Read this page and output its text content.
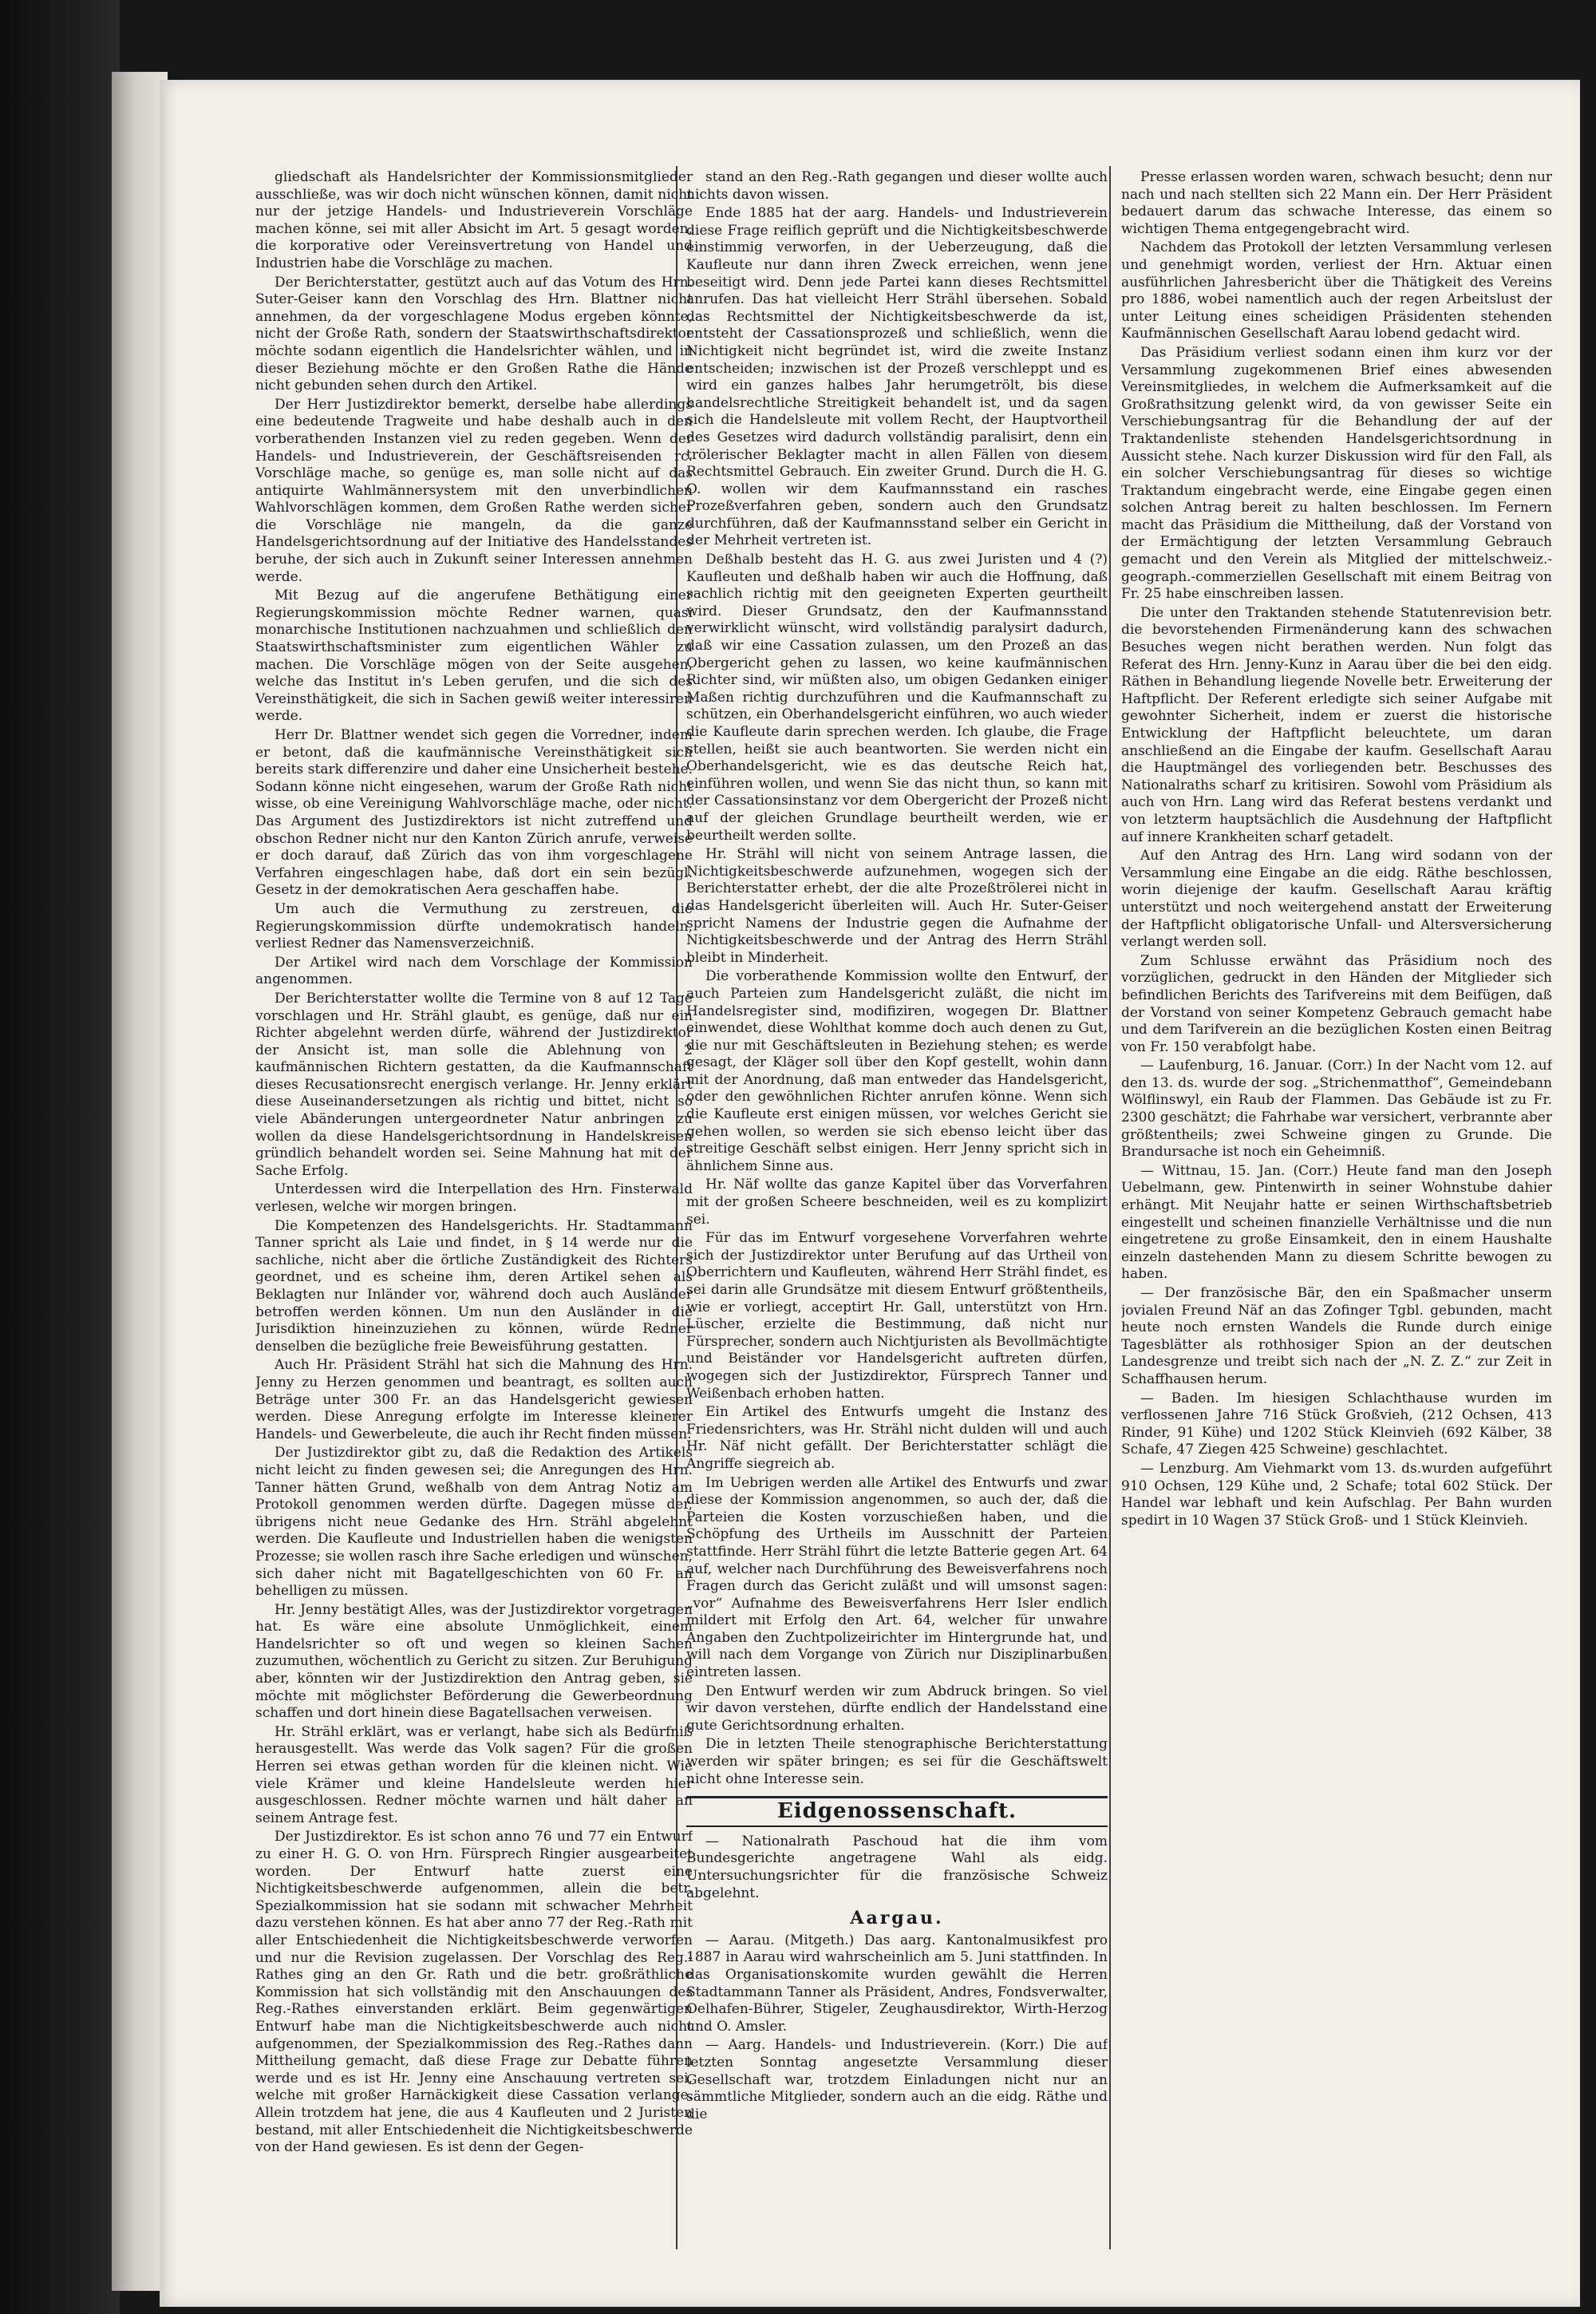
gliedschaft als Handelsrichter der Kommissionsmitglieder ausschließe, was wir doch nicht wünschen können, damit nicht nur der jetzige Handels- und Industrieverein Vorschläge machen könne, sei mit aller Absicht im Art. 5 gesagt worden, die korporative oder Vereinsvertretung von Handel und Industrien habe die Vorschläge zu machen.

Der Berichterstatter, gestützt auch auf das Votum des Hrn. Suter-Geiser kann den Vorschlag des Hrn. Blattner nicht annehmen, da der vorgeschlagene Modus ergeben könnte, nicht der Große Rath, sondern der Staatswirthschaftsdirektor möchte sodann eigentlich die Handelsrichter wählen, und in dieser Beziehung möchte er den Großen Rathe die Hände nicht gebunden sehen durch den Artikel.

Der Herr Justizdirektor bemerkt, derselbe habe allerdings eine bedeutende Tragweite und habe deshalb auch in den vorberathenden Instanzen viel zu reden gegeben. Wenn der Handels- und Industrieverein, der Geschäftsreisenden rc. Vorschläge mache, so genüge es, man solle nicht auf das antiquirte Wahlmännersystem mit den unverbindlichen Wahlvorschlägen kommen, dem Großen Rathe werden sicher die Vorschläge nie mangeln, da die ganze Handelsgerichtsordnung auf der Initiative des Handelsstandes beruhe, der sich auch in Zukunft seiner Interessen annehmen werde.

Mit Bezug auf die angerufene Bethätigung einer Regierungskommission möchte Redner warnen, quasi monarchische Institutionen nachzuahmen und schließlich den Staatswirthschaftsminister zum eigentlichen Wähler zu machen. Die Vorschläge mögen von der Seite ausgehen, welche das Institut in's Leben gerufen, und die sich des Vereinsthätigkeit, die sich in Sachen gewiß weiter interessiren werde.

Herr Dr. Blattner wendet sich gegen die Vorredner, indem er betont, daß die kaufmännische Vereinsthätigkeit sich bereits stark differenzire und daher eine Unsicherheit bestehe. Sodann könne nicht eingesehen, warum der Große Rath nicht wisse, ob eine Vereinigung Wahlvorschläge mache, oder nicht. Das Argument des Justizdirektors ist nicht zutreffend und obschon Redner nicht nur den Kanton Zürich anrufe, verweise er doch darauf, daß Zürich das von ihm vorgeschlagene Verfahren eingeschlagen habe, daß dort ein sein bezügl. Gesetz in der demokratischen Aera geschaffen habe.

Um auch die Vermuthung zu zerstreuen, die Regierungskommission dürfte undemokratisch handeln, verliest Redner das Namensverzeichniß.

Der Artikel wird nach dem Vorschlage der Kommission angenommen.

Der Berichterstatter wollte die Termine von 8 auf 12 Tage vorschlagen und Hr. Strähl glaubt, es genüge, daß nur ein Richter abgelehnt werden dürfe, während der Justizdirektor der Ansicht ist, man solle die Ablehnung von 2 kaufmännischen Richtern gestatten, da die Kaufmannschaft dieses Recusationsrecht energisch verlange. Hr. Jenny erklärt diese Auseinandersetzungen als richtig und bittet, nicht so viele Abänderungen untergeordneter Natur anbringen zu wollen da diese Handelsgerichtsordnung in Handelskreisen gründlich behandelt worden sei. Seine Mahnung hat mit der Sache Erfolg.

Unterdessen wird die Interpellation des Hrn. Finsterwald verlesen, welche wir morgen bringen.

Die Kompetenzen des Handelsgerichts. Hr. Stadtammann Tanner spricht als Laie und findet, in § 14 werde nur die sachliche, nicht aber die örtliche Zuständigkeit des Richters geordnet, und es scheine ihm, deren Artikel sehen als Beklagten nur Inländer vor, während doch auch Ausländer betroffen werden können. Um nun den Ausländer in die Jurisdiktion hineinzuziehen zu können, würde Redner denselben die bezügliche freie Beweisführung gestatten.

Auch Hr. Präsident Strähl hat sich die Mahnung des Hrn. Jenny zu Herzen genommen und beantragt, es sollten auch Beträge unter 300 Fr. an das Handelsgericht gewiesen werden. Diese Anregung erfolgte im Interesse kleinerer Handels- und Gewerbeleute, die auch ihr Recht finden müssen.

Der Justizdirektor gibt zu, daß die Redaktion des Artikels nicht leicht zu finden gewesen sei; die Anregungen des Hrn. Tanner hätten Grund, weßhalb von dem Antrag Notiz am Protokoll genommen werden dürfte. Dagegen müsse der, übrigens nicht neue Gedanke des Hrn. Strähl abgelehnt werden. Die Kaufleute und Industriellen haben die wenigsten Prozesse; sie wollen rasch ihre Sache erledigen und wünschen, sich daher nicht mit Bagatellgeschichten von 60 Fr. an behelligen zu müssen.

Hr. Jenny bestätigt Alles, was der Justizdirektor vorgetragen hat. Es wäre eine absolute Unmöglichkeit, einem Handelsrichter so oft und wegen so kleinen Sachen zuzumuthen, wöchentlich zu Gericht zu sitzen. Zur Beruhigung aber, könnten wir der Justizdirektion den Antrag geben, sie möchte mit möglichster Beförderung die Gewerbeordnung schaffen und dort hinein diese Bagatellsachen verweisen.

Hr. Strähl erklärt, was er verlangt, habe sich als Bedürfniß herausgestellt. Was werde das Volk sagen? Für die großen Herren sei etwas gethan worden für die kleinen nicht. Wie viele Krämer und kleine Handelsleute werden hier ausgeschlossen. Redner möchte warnen und hält daher an seinem Antrage fest.

Der Justizdirektor. Es ist schon anno 76 und 77 ein Entwurf zu einer H. G. O. von Hrn. Fürsprech Ringier ausgearbeitet worden. Der Entwurf hatte zuerst eine Nichtigkeitsbeschwerde aufgenommen, allein die betr. Spezialkommission hat sie sodann mit schwacher Mehrheit dazu verstehen können. Es hat aber anno 77 der Reg.-Rath mit aller Entschiedenheit die Nichtigkeitsbeschwerde verworfen und nur die Revision zugelassen. Der Vorschlag des Reg.-Rathes ging an den Gr. Rath und die betr. großräthliche Kommission hat sich vollständig mit den Anschauungen des Reg.-Rathes einverstanden erklärt. Beim gegenwärtigen Entwurf habe man die Nichtigkeitsbeschwerde auch nicht aufgenommen, der Spezialkommission des Reg.-Rathes dann Mittheilung gemacht, daß diese Frage zur Debatte führen werde und es ist Hr. Jenny eine Anschauung vertreten sei, welche mit großer Harnäckigkeit diese Cassation verlange. Allein trotzdem hat jene, die aus 4 Kaufleuten und 2 Juristen bestand, mit aller Entschiedenheit die Nichtigkeitsbeschwerde von der Hand gewiesen. Es ist denn der Gegen-

stand an den Reg.-Rath gegangen und dieser wollte auch nichts davon wissen.

Ende 1885 hat der aarg. Handels- und Industrieverein diese Frage reiflich geprüft und die Nichtigkeitsbeschwerde einstimmig verworfen, in der Ueberzeugung, daß die Kaufleute nur dann ihren Zweck erreichen, wenn jene beseitigt wird. Denn jede Partei kann dieses Rechtsmittel anrufen. Das hat vielleicht Herr Strähl übersehen. Sobald das Rechtsmittel der Nichtigkeitsbeschwerde da ist, entsteht der Cassationsprozeß und schließlich, wenn die Nichtigkeit nicht begründet ist, wird die zweite Instanz entscheiden; inzwischen ist der Prozeß verschleppt und es wird ein ganzes halbes Jahr herumgetrölt, bis diese handelsrechtliche Streitigkeit behandelt ist, und da sagen sich die Handelsleute mit vollem Recht, der Hauptvortheil des Gesetzes wird dadurch vollständig paralisirt, denn ein trölerischer Beklagter macht in allen Fällen von diesem Rechtsmittel Gebrauch. Ein zweiter Grund. Durch die H. G. O. wollen wir dem Kaufmannsstand ein rasches Prozeßverfahren geben, sondern auch den Grundsatz durchführen, daß der Kaufmannsstand selber ein Gericht in der Mehrheit vertreten ist.

Deßhalb besteht das H. G. aus zwei Juristen und 4 (?) Kaufleuten und deßhalb haben wir auch die Hoffnung, daß sachlich richtig mit den geeigneten Experten geurtheilt wird. Dieser Grundsatz, den der Kaufmannsstand verwirklicht wünscht, wird vollständig paralysirt dadurch, daß wir eine Cassation zulassen, um den Prozeß an das Obergericht gehen zu lassen, wo keine kaufmännischen Richter sind, wir müßten also, um obigen Gedanken einiger Maßen richtig durchzuführen und die Kaufmannschaft zu schützen, ein Oberhandelsgericht einführen, wo auch wieder die Kaufleute darin sprechen werden. Ich glaube, die Frage stellen, heißt sie auch beantworten. Sie werden nicht ein Oberhandelsgericht, wie es das deutsche Reich hat, einführen wollen, und wenn Sie das nicht thun, so kann mit der Cassationsinstanz vor dem Obergericht der Prozeß nicht auf der gleichen Grundlage beurtheilt werden, wie er beurtheilt werden sollte.

Hr. Strähl will nicht von seinem Antrage lassen, die Nichtigkeitsbeschwerde aufzunehmen, wogegen sich der Berichterstatter erhebt, der die alte Prozeßtrölerei nicht in das Handelsgericht überleiten will. Auch Hr. Suter-Geiser spricht Namens der Industrie gegen die Aufnahme der Nichtigkeitsbeschwerde und der Antrag des Herrn Strähl bleibt in Minderheit.

Die vorberathende Kommission wollte den Entwurf, der auch Parteien zum Handelsgericht zuläßt, die nicht im Handelsregister sind, modifiziren, wogegen Dr. Blattner einwendet, diese Wohlthat komme doch auch denen zu Gut, die nur mit Geschäftsleuten in Beziehung stehen; es werde gesagt, der Kläger soll über den Kopf gestellt, wohin dann mit der Anordnung, daß man entweder das Handelsgericht, oder den gewöhnlichen Richter anrufen könne. Wenn sich die Kaufleute erst einigen müssen, vor welches Gericht sie gehen wollen, so werden sie sich ebenso leicht über das streitige Geschäft selbst einigen. Herr Jenny spricht sich in ähnlichem Sinne aus.

Hr. Näf wollte das ganze Kapitel über das Vorverfahren mit der großen Scheere beschneiden, weil es zu komplizirt sei.

Für das im Entwurf vorgesehene Vorverfahren wehrte sich der Justizdirektor unter Berufung auf das Urtheil von Oberrichtern und Kaufleuten, während Herr Strähl findet, es sei darin alle Grundsätze mit diesem Entwurf größtentheils, wie er vorliegt, acceptirt Hr. Gall, unterstützt von Hrn. Lüscher, erzielte die Bestimmung, daß nicht nur Fürsprecher, sondern auch Nichtjuristen als Bevollmächtigte und Beiständer vor Handelsgericht auftreten dürfen, wogegen sich der Justizdirektor, Fürsprech Tanner und Weißenbach erhoben hatten.

Ein Artikel des Entwurfs umgeht die Instanz des Friedensrichters, was Hr. Strähl nicht dulden will und auch Hr. Näf nicht gefällt. Der Berichterstatter schlägt die Angriffe siegreich ab.

Im Uebrigen werden alle Artikel des Entwurfs und zwar diese der Kommission angenommen, so auch der, daß die Parteien die Kosten vorzuschießen haben, und die Schöpfung des Urtheils im Ausschnitt der Parteien stattfinde. Herr Strähl führt die letzte Batterie gegen Art. 64 auf, welcher nach Durchführung des Beweisverfahrens noch Fragen durch das Gericht zuläßt und will umsonst sagen: „vor“ Aufnahme des Beweisverfahrens Herr Isler endlich mildert mit Erfolg den Art. 64, welcher für unwahre Angaben den Zuchtpolizeirichter im Hintergrunde hat, und will nach dem Vorgange von Zürich nur Disziplinarbußen eintreten lassen.

Den Entwurf werden wir zum Abdruck bringen. So viel wir davon verstehen, dürfte endlich der Handelsstand eine gute Gerichtsordnung erhalten.

Die in letzten Theile stenographische Berichterstattung werden wir später bringen; es sei für die Geschäftswelt nicht ohne Interesse sein.

Eidgenossenschaft.

— Nationalrath Paschoud hat die ihm vom Bundesgerichte angetragene Wahl als eidg. Untersuchungsrichter für die französische Schweiz abgelehnt.

Aargau.

— Aarau. (Mitgeth.) Das aarg. Kantonalmusikfest pro 1887 in Aarau wird wahrscheinlich am 5. Juni stattfinden. In das Organisationskomite wurden gewählt die Herren Stadtammann Tanner als Präsident, Andres, Fondsverwalter, Oelhafen-Bührer, Stigeler, Zeughausdirektor, Wirth-Herzog und O. Amsler.

— Aarg. Handels- und Industrieverein. (Korr.) Die auf letzten Sonntag angesetzte Versammlung dieser Gesellschaft war, trotzdem Einladungen nicht nur an sämmtliche Mitglieder, sondern auch an die eidg. Räthe und die

Presse erlassen worden waren, schwach besucht; denn nur nach und nach stellten sich 22 Mann ein. Der Herr Präsident bedauert darum das schwache Interesse, das einem so wichtigen Thema entgegengebracht wird.

Nachdem das Protokoll der letzten Versammlung verlesen und genehmigt worden, verliest der Hrn. Aktuar einen ausführlichen Jahresbericht über die Thätigkeit des Vereins pro 1886, wobei namentlich auch der regen Arbeitslust der unter Leitung eines scheidigen Präsidenten stehenden Kaufmännischen Gesellschaft Aarau lobend gedacht wird.

Das Präsidium verliest sodann einen ihm kurz vor der Versammlung zugekommenen Brief eines abwesenden Vereinsmitgliedes, in welchem die Aufmerksamkeit auf die Großrathsitzung gelenkt wird, da von gewisser Seite ein Verschiebungsantrag für die Behandlung der auf der Traktandenliste stehenden Handelsgerichtsordnung in Aussicht stehe. Nach kurzer Diskussion wird für den Fall, als ein solcher Verschiebungsantrag für dieses so wichtige Traktandum eingebracht werde, eine Eingabe gegen einen solchen Antrag bereit zu halten beschlossen. Im Fernern macht das Präsidium die Mittheilung, daß der Vorstand von der Ermächtigung der letzten Versammlung Gebrauch gemacht und den Verein als Mitglied der mittelschweiz.-geograph.-commerziellen Gesellschaft mit einem Beitrag von Fr. 25 habe einschreiben lassen.

Die unter den Traktanden stehende Statutenrevision betr. die bevorstehenden Firmenänderung kann des schwachen Besuches wegen nicht berathen werden. Nun folgt das Referat des Hrn. Jenny-Kunz in Aarau über die bei den eidg. Räthen in Behandlung liegende Novelle betr. Erweiterung der Haftpflicht. Der Referent erledigte sich seiner Aufgabe mit gewohnter Sicherheit, indem er zuerst die historische Entwicklung der Haftpflicht beleuchtete, um daran anschließend an die Eingabe der kaufm. Gesellschaft Aarau die Hauptmängel des vorliegenden betr. Beschusses des Nationalraths scharf zu kritisiren. Sowohl vom Präsidium als auch von Hrn. Lang wird das Referat bestens verdankt und von letzterm hauptsächlich die Ausdehnung der Haftpflicht auf innere Krankheiten scharf getadelt.

Auf den Antrag des Hrn. Lang wird sodann von der Versammlung eine Eingabe an die eidg. Räthe beschlossen, worin diejenige der kaufm. Gesellschaft Aarau kräftig unterstützt und noch weitergehend anstatt der Erweiterung der Haftpflicht obligatorische Unfall- und Altersversicherung verlangt werden soll.

Zum Schlusse erwähnt das Präsidium noch des vorzüglichen, gedruckt in den Händen der Mitglieder sich befindlichen Berichts des Tarifvereins mit dem Beifügen, daß der Vorstand von seiner Kompetenz Gebrauch gemacht habe und dem Tarifverein an die bezüglichen Kosten einen Beitrag von Fr. 150 verabfolgt habe.

— Laufenburg, 16. Januar. (Corr.) In der Nacht vom 12. auf den 13. ds. wurde der sog. „Strichenmatthof“, Gemeindebann Wölflinswyl, ein Raub der Flammen. Das Gebäude ist zu Fr. 2300 geschätzt; die Fahrhabe war versichert, verbrannte aber größtentheils; zwei Schweine gingen zu Grunde. Die Brandursache ist noch ein Geheimniß.

— Wittnau, 15. Jan. (Corr.) Heute fand man den Joseph Uebelmann, gew. Pintenwirth in seiner Wohnstube dahier erhängt. Mit Neujahr hatte er seinen Wirthschaftsbetrieb eingestellt und scheinen finanzielle Verhältnisse und die nun eingetretene zu große Einsamkeit, den in einem Haushalte einzeln dastehenden Mann zu diesem Schritte bewogen zu haben.

— Der französische Bär, den ein Spaßmacher unserm jovialen Freund Näf an das Zofinger Tgbl. gebunden, macht heute noch ernsten Wandels die Runde durch einige Tagesblätter als rothhosiger Spion an der deutschen Landesgrenze und treibt sich nach der „N. Z. Z.“ zur Zeit in Schaffhausen herum.

— Baden. Im hiesigen Schlachthause wurden im verflossenen Jahre 716 Stück Großvieh, (212 Ochsen, 413 Rinder, 91 Kühe) und 1202 Stück Kleinvieh (692 Kälber, 38 Schafe, 47 Ziegen 425 Schweine) geschlachtet.

— Lenzburg. Am Viehmarkt vom 13. ds.wurden aufgeführt 910 Ochsen, 129 Kühe und, 2 Schafe; total 602 Stück. Der Handel war lebhaft und kein Aufschlag. Per Bahn wurden spedirt in 10 Wagen 37 Stück Groß- und 1 Stück Kleinvieh.
